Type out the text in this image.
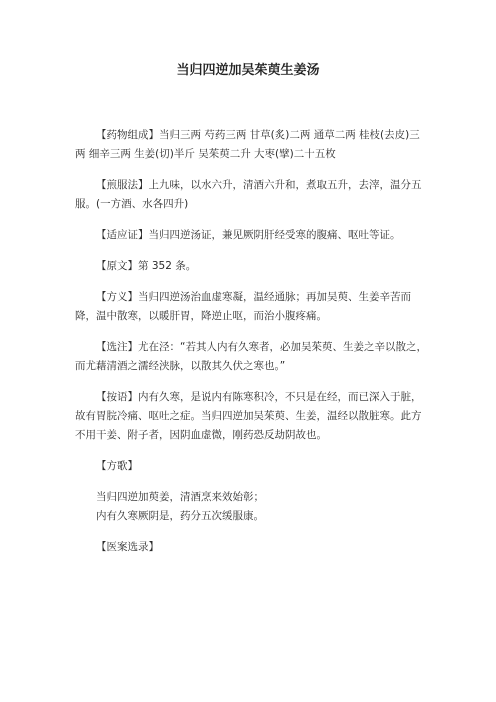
当归四逆加吴茱萸生姜汤

【药物组成】当归三两 芍药三两 甘草(炙)二两 通草二两 桂枝(去皮)三两 细辛三两 生姜(切)半斤 吴茱萸二升 大枣(擘)二十五枚

【煎服法】上九味，以水六升，清酒六升和，煮取五升，去滓，温分五服。(一方酒、水各四升)

【适应证】当归四逆汤证，兼见厥阴肝经受寒的腹痛、呕吐等证。

【原文】第 352 条。

【方义】当归四逆汤治血虚寒凝，温经通脉；再加吴萸、生姜辛苦而降，温中散寒，以暖肝胃，降逆止呕，而治小腹疼痛。

【选注】尤在泾：“若其人内有久寒者，必加吴茱萸、生姜之辛以散之，而尤藉清酒之濡经浃脉，以散其久伏之寒也。”

【按语】内有久寒，是说内有陈寒积冷，不只是在经，而已深入于脏，故有胃脘冷痛、呕吐之症。当归四逆加吴茱萸、生姜，温经以散脏寒。此方不用干姜、附子者，因阴血虚微，刚药恐反劫阴故也。

【方歌】

当归四逆加萸姜，清酒烹来效始彰；

内有久寒厥阴是，药分五次缓服康。

【医案选录】
